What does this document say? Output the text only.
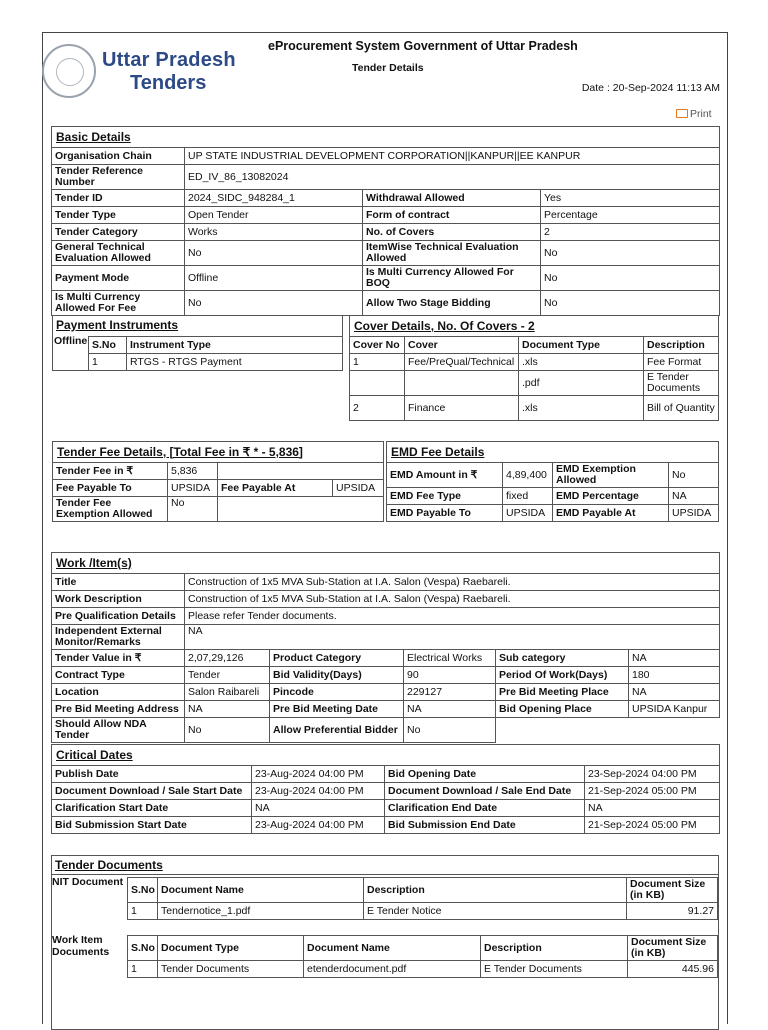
Uttar Pradesh
Tenders
eProcurement System Government of Uttar Pradesh
Tender Details
Date : 20-Sep-2024 11:13 AM
Print
Basic Details			
Organisation Chain	UP STATE INDUSTRIAL DEVELOPMENT CORPORATION||KANPUR||EE KANPUR		
Tender Reference Number	ED_IV_86_13082024		
Tender ID	2024_SIDC_948284_1	Withdrawal Allowed	Yes
Tender Type	Open Tender	Form of contract	Percentage
Tender Category	Works	No. of Covers	2
General Technical Evaluation Allowed	No	ItemWise Technical Evaluation Allowed	No
Payment Mode	Offline	Is Multi Currency Allowed For BOQ	No
Is Multi Currency Allowed For Fee	No	Allow Two Stage Bidding	No
Payment Instruments
Offline S.No	Instrument Type
1	RTGS - RTGS Payment
Cover Details, No. Of Covers - 2			
Cover No	Cover	Document Type	Description
1	Fee/PreQual/Technical	.xls	Fee Format
		.pdf	E Tender Documents
2	Finance	.xls	Bill of Quantity
Tender Fee Details, [Total Fee in ₹ * - 5,836]			
Tender Fee in ₹	5,836		
Fee Payable To	UPSIDA	Fee Payable At	UPSIDA
Tender Fee Exemption Allowed	No		
EMD Fee Details			
EMD Amount in ₹	4,89,400	EMD Exemption Allowed	No
EMD Fee Type	fixed	EMD Percentage	NA
EMD Payable To	UPSIDA	EMD Payable At	UPSIDA
Work /Item(s)					
Title	Construction of 1x5 MVA Sub-Station at I.A. Salon (Vespa) Raebareli.				
Work Description	Construction of 1x5 MVA Sub-Station at I.A. Salon (Vespa) Raebareli.				
Pre Qualification Details	Please refer Tender documents.				
Independent External Monitor/Remarks	NA				
Tender Value in ₹	2,07,29,126	Product Category	Electrical Works	Sub category	NA
Contract Type	Tender	Bid Validity(Days)	90	Period Of Work(Days)	180
Location	Salon Raibareli	Pincode	229127	Pre Bid Meeting Place	NA
Pre Bid Meeting Address	NA	Pre Bid Meeting Date	NA	Bid Opening Place	UPSIDA Kanpur
Should Allow NDA Tender	No	Allow Preferential Bidder	No		
Critical Dates			
Publish Date	23-Aug-2024 04:00 PM	Bid Opening Date	23-Sep-2024 04:00 PM
Document Download / Sale Start Date	23-Aug-2024 04:00 PM	Document Download / Sale End Date	21-Sep-2024 05:00 PM
Clarification Start Date	NA	Clarification End Date	NA
Bid Submission Start Date	23-Aug-2024 04:00 PM	Bid Submission End Date	21-Sep-2024 05:00 PM
Tender Documents
NIT Document
S.No	Document Name	Description	Document Size (in KB)
1	Tendernotice_1.pdf	E Tender Notice	91.27
Work Item Documents	S.No	Document Type	Document Name	Description	Document Size (in KB)
1	Tender Documents	etenderdocument.pdf	E Tender Documents	445.96
